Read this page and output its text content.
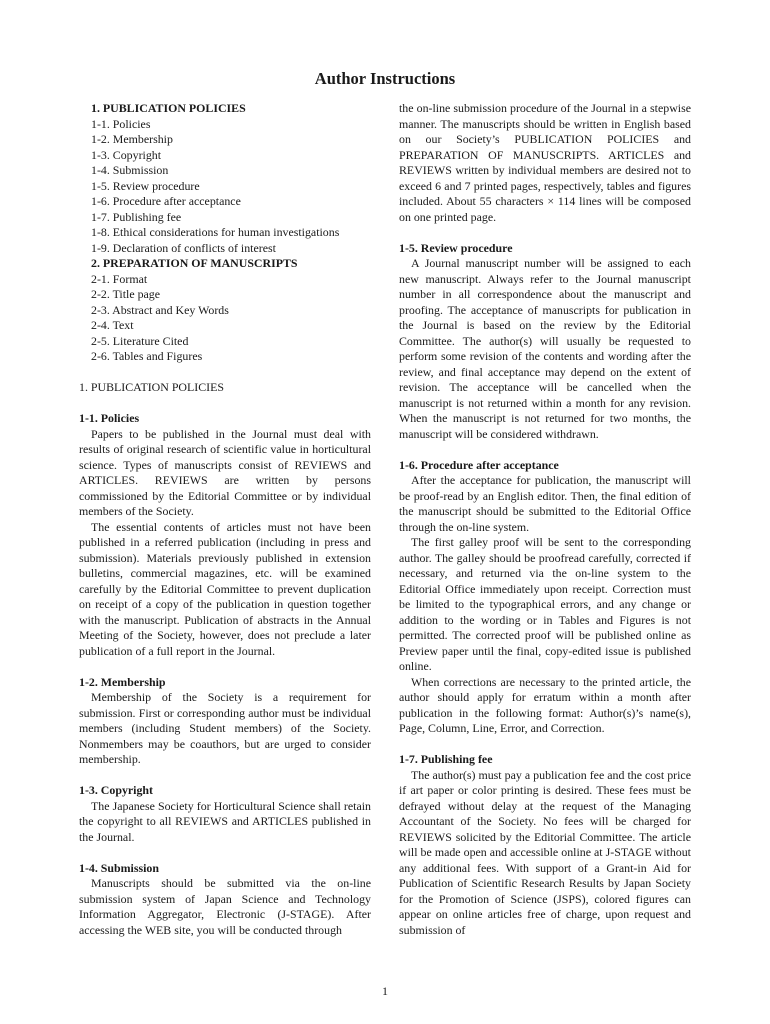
Author Instructions
1. PUBLICATION POLICIES
1-1. Policies
1-2. Membership
1-3. Copyright
1-4. Submission
1-5. Review procedure
1-6. Procedure after acceptance
1-7. Publishing fee
1-8. Ethical considerations for human investigations
1-9. Declaration of conflicts of interest
2. PREPARATION OF MANUSCRIPTS
2-1. Format
2-2. Title page
2-3. Abstract and Key Words
2-4. Text
2-5. Literature Cited
2-6. Tables and Figures
1. PUBLICATION POLICIES
1-1. Policies

Papers to be published in the Journal must deal with results of original research of scientific value in horticultural science. Types of manuscripts consist of REVIEWS and ARTICLES. REVIEWS are written by persons commissioned by the Editorial Committee or by individual members of the Society.

The essential contents of articles must not have been published in a referred publication (including in press and submission). Materials previously published in extension bulletins, commercial magazines, etc. will be examined carefully by the Editorial Committee to prevent duplication on receipt of a copy of the publication in question together with the manuscript. Publication of abstracts in the Annual Meeting of the Society, however, does not preclude a later publication of a full report in the Journal.

1-2. Membership

Membership of the Society is a requirement for submission. First or corresponding author must be individual members (including Student members) of the Society. Nonmembers may be coauthors, but are urged to consider membership.

1-3. Copyright

The Japanese Society for Horticultural Science shall retain the copyright to all REVIEWS and ARTICLES published in the Journal.

1-4. Submission

Manuscripts should be submitted via the on-line submission system of Japan Science and Technology Information Aggregator, Electronic (J-STAGE). After accessing the WEB site, you will be conducted through

the on-line submission procedure of the Journal in a stepwise manner. The manuscripts should be written in English based on our Society’s PUBLICATION POLICIES and PREPARATION OF MANUSCRIPTS. ARTICLES and REVIEWS written by individual members are desired not to exceed 6 and 7 printed pages, respectively, tables and figures included. About 55 characters × 114 lines will be composed on one printed page.

1-5. Review procedure

A Journal manuscript number will be assigned to each new manuscript. Always refer to the Journal manuscript number in all correspondence about the manuscript and proofing. The acceptance of manuscripts for publication in the Journal is based on the review by the Editorial Committee. The author(s) will usually be requested to perform some revision of the contents and wording after the review, and final acceptance may depend on the extent of revision. The acceptance will be cancelled when the manuscript is not returned within a month for any revision. When the manuscript is not returned for two months, the manuscript will be considered withdrawn.

1-6. Procedure after acceptance

After the acceptance for publication, the manuscript will be proof-read by an English editor. Then, the final edition of the manuscript should be submitted to the Editorial Office through the on-line system.

The first galley proof will be sent to the corresponding author. The galley should be proofread carefully, corrected if necessary, and returned via the on-line system to the Editorial Office immediately upon receipt. Correction must be limited to the typographical errors, and any change or addition to the wording or in Tables and Figures is not permitted. The corrected proof will be published online as Preview paper until the final, copy-edited issue is published online.

When corrections are necessary to the printed article, the author should apply for erratum within a month after publication in the following format: Author(s)’s name(s), Page, Column, Line, Error, and Correction.

1-7. Publishing fee

The author(s) must pay a publication fee and the cost price if art paper or color printing is desired. These fees must be defrayed without delay at the request of the Managing Accountant of the Society. No fees will be charged for REVIEWS solicited by the Editorial Committee. The article will be made open and accessible online at J-STAGE without any additional fees. With support of a Grant-in Aid for Publication of Scientific Research Results by Japan Society for the Promotion of Science (JSPS), colored figures can appear on online articles free of charge, upon request and submission of

1
